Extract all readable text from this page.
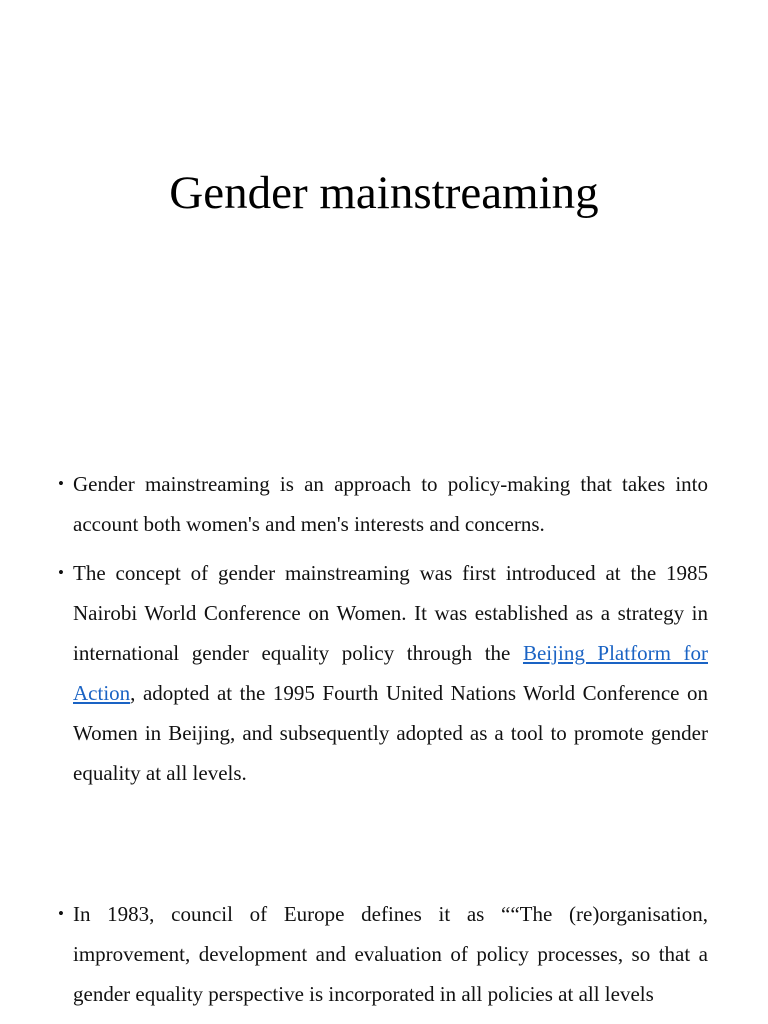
Gender mainstreaming
• Gender mainstreaming is an approach to policy-making that takes into account both women's and men's interests and concerns.
• The concept of gender mainstreaming was first introduced at the 1985 Nairobi World Conference on Women. It was established as a strategy in international gender equality policy through the Beijing Platform for Action, adopted at the 1995 Fourth United Nations World Conference on Women in Beijing, and subsequently adopted as a tool to promote gender equality at all levels.
• In 1983, council of Europe defines it as ““The (re)organisation, improvement, development and evaluation of policy processes, so that a gender equality perspective is incorporated in all policies at all levels
